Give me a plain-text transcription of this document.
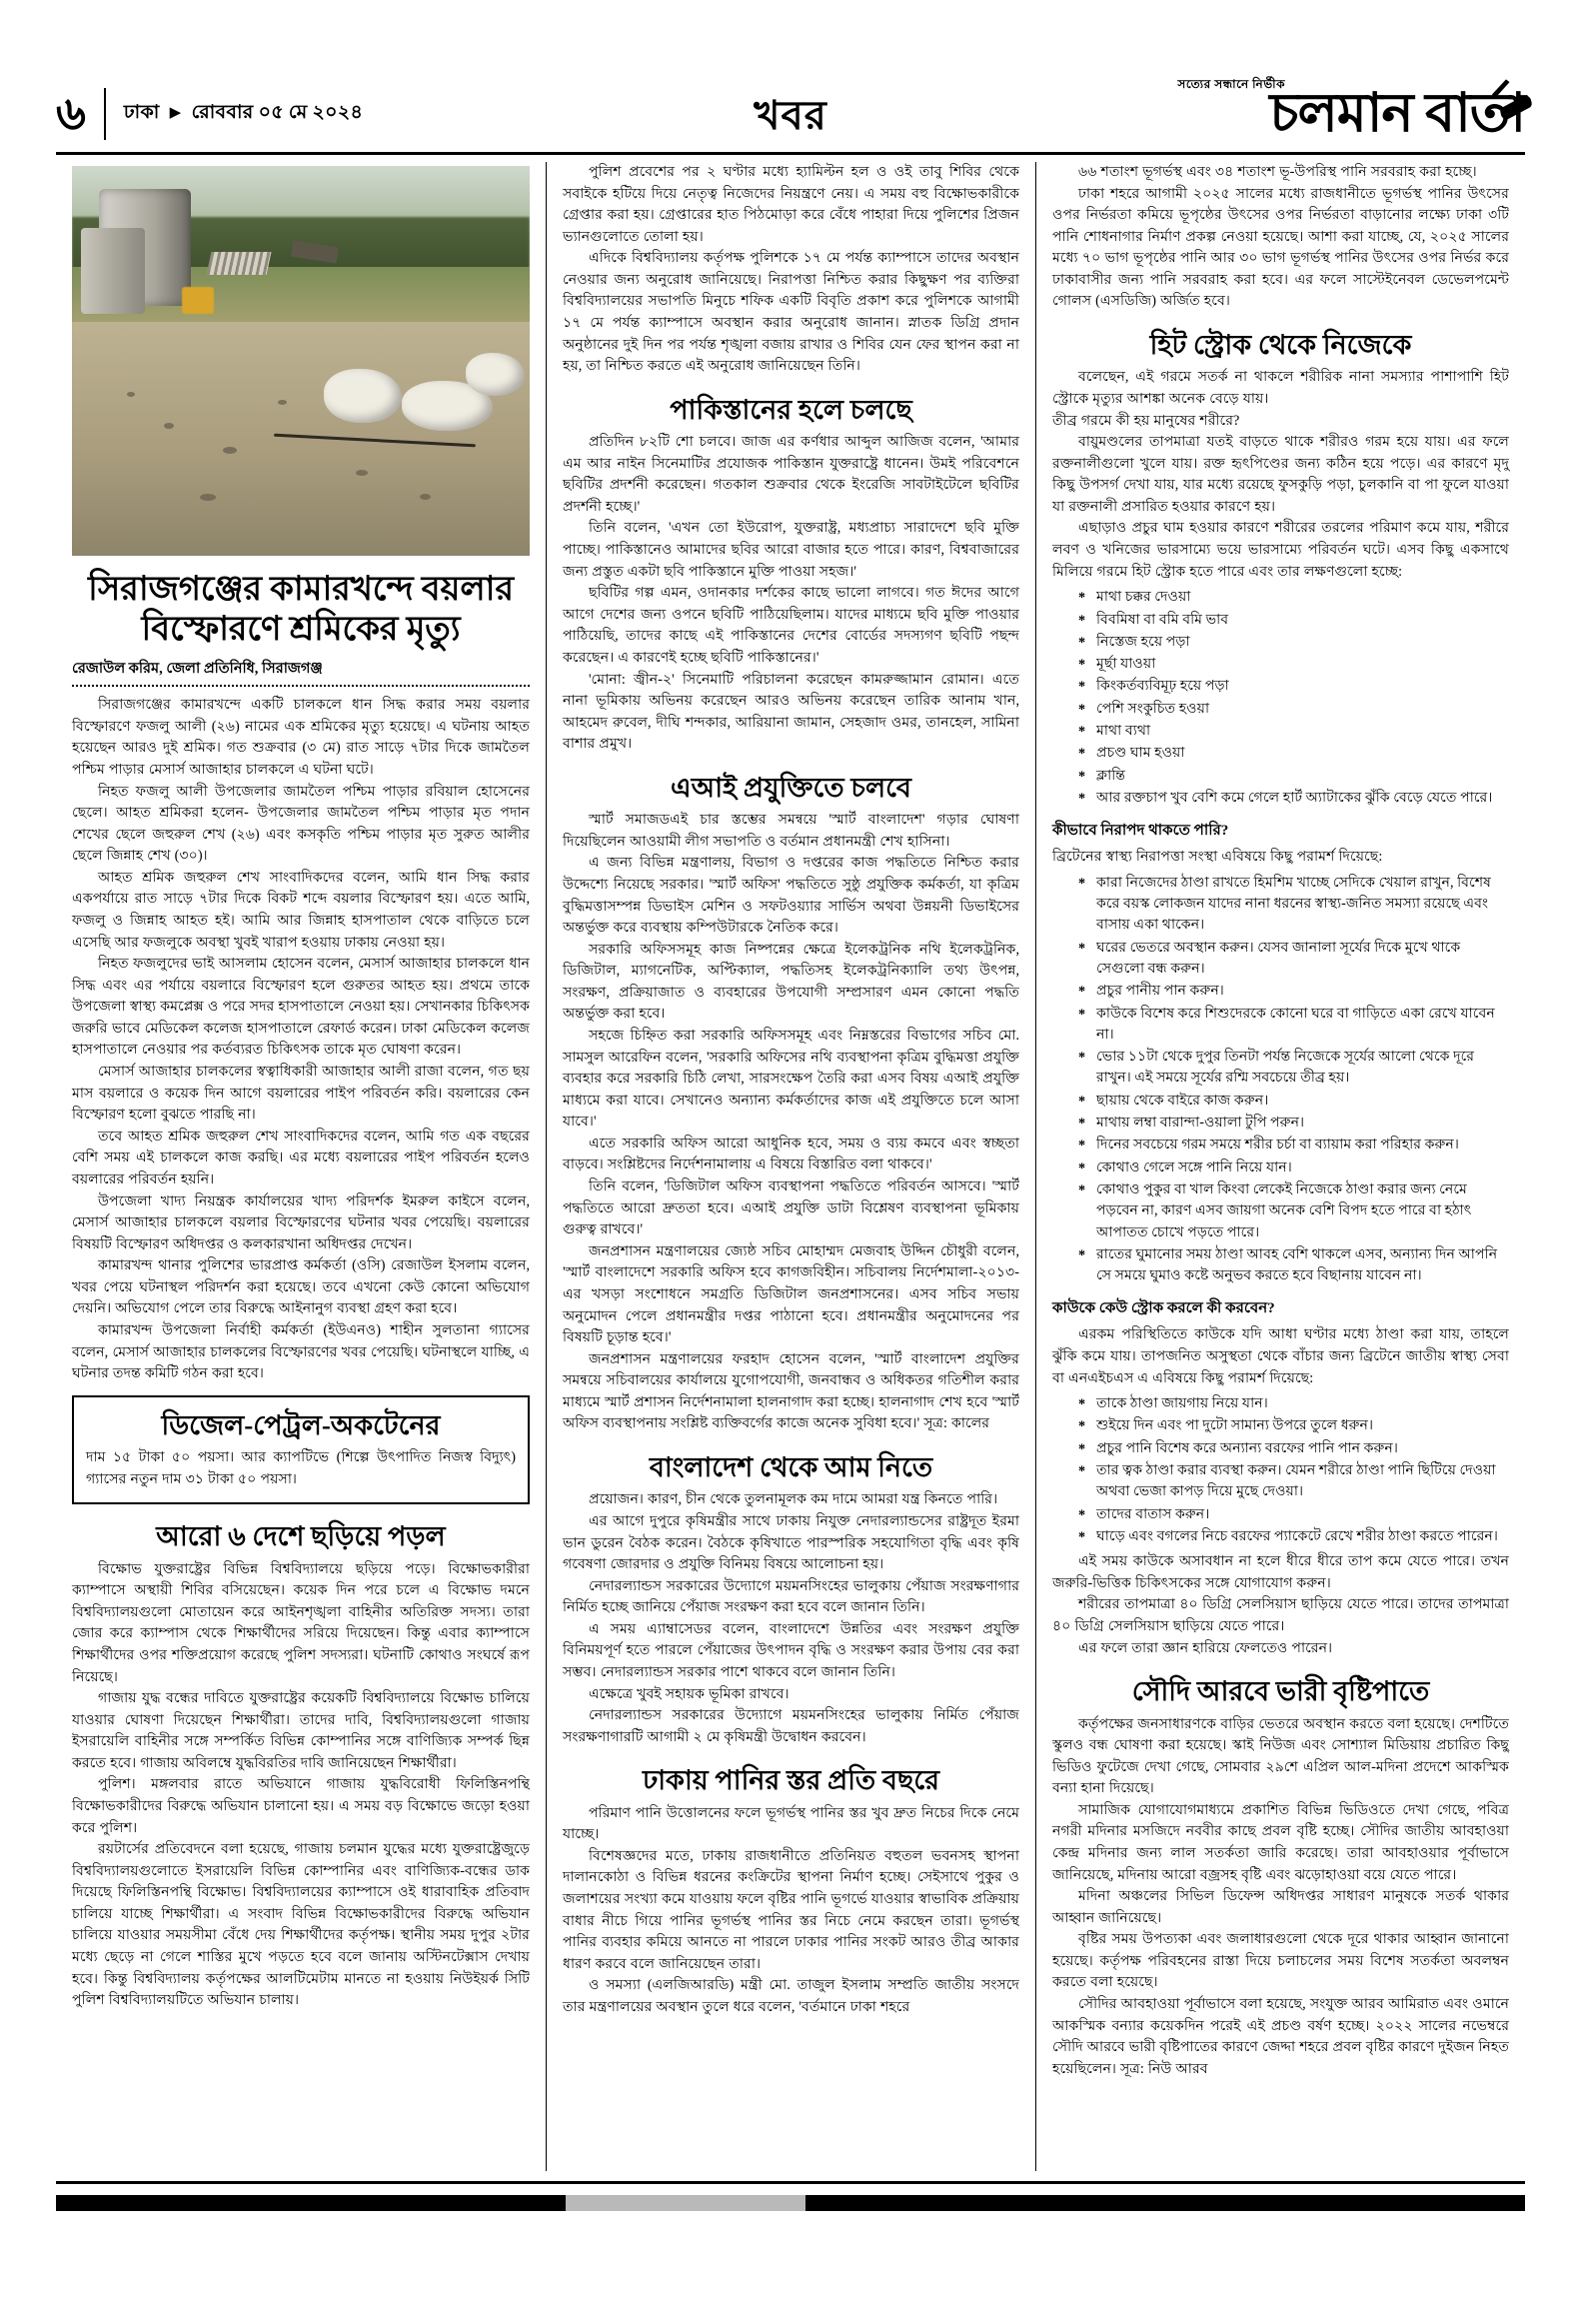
৬	ঢাকা ▶ রোববার ০৫ মে ২০২৪	খবর
সত্যের সন্ধানে নির্ভীক
চলমান বার্তা
সিরাজগঞ্জের কামারখন্দে বয়লার বিস্ফোরণে শ্রমিকের মৃত্যু
রেজাউল করিম, জেলা প্রতিনিধি, সিরাজগঞ্জ

সিরাজগঞ্জের কামারখন্দে একটি চালকলে ধান সিদ্ধ করার সময় বয়লার বিস্ফোরণে ফজলু আলী (২৬) নামের এক শ্রমিকের মৃত্যু হয়েছে। এ ঘটনায় আহত হয়েছেন আরও দুই শ্রমিক। গত শুক্রবার (৩ মে) রাত সাড়ে ৭টার দিকে জামতৈল পশ্চিম পাড়ার মেসার্স আজাহার চালকলে এ ঘটনা ঘটে।

নিহত ফজলু আলী উপজেলার জামতৈল পশ্চিম পাড়ার রবিয়াল হোসেনের ছেলে। আহত শ্রমিকরা হলেন- উপজেলার জামতৈল পশ্চিম পাড়ার মৃত পদান শেখের ছেলে জহুরুল শেখ (২৬) এবং কসকৃতি পশ্চিম পাড়ার মৃত সুরুত আলীর ছেলে জিন্নাহ শেখ (৩০)।

আহত শ্রমিক জহুরুল শেখ সাংবাদিকদের বলেন, আমি ধান সিদ্ধ করার একপর্যায়ে রাত সাড়ে ৭টার দিকে বিকট শব্দে বয়লার বিস্ফোরণ হয়। এতে আমি, ফজলু ও জিন্নাহ আহত হই। আমি আর জিন্নাহ হাসপাতাল থেকে বাড়িতে চলে এসেছি আর ফজলুকে অবস্থা খুবই খারাপ হওয়ায় ঢাকায় নেওয়া হয়।

নিহত ফজলুদের ভাই আসলাম হোসেন বলেন, মেসার্স আজাহার চালকলে ধান সিদ্ধ এবং এর পর্যায়ে বয়লারে বিস্ফোরণ হলে গুরুতর আহত হয়। প্রথমে তাকে উপজেলা স্বাস্থ্য কমপ্লেক্স ও পরে সদর হাসপাতালে নেওয়া হয়। সেখানকার চিকিৎসক জরুরি ভাবে মেডিকেল কলেজ হাসপাতালে রেফার্ড করেন। ঢাকা মেডিকেল কলেজ হাসপাতালে নেওয়ার পর কর্তব্যরত চিকিৎসক তাকে মৃত ঘোষণা করেন।

মেসার্স আজাহার চালকলের স্বত্বাধিকারী আজাহার আলী রাজা বলেন, গত ছয় মাস বয়লারে ও কয়েক দিন আগে বয়লারের পাইপ পরিবর্তন করি। বয়লারের কেন বিস্ফোরণ হলো বুঝতে পারছি না।

তবে আহত শ্রমিক জহুরুল শেখ সাংবাদিকদের বলেন, আমি গত এক বছরের বেশি সময় এই চালকলে কাজ করছি। এর মধ্যে বয়লারের পাইপ পরিবর্তন হলেও বয়লারের পরিবর্তন হয়নি।

উপজেলা খাদ্য নিয়ন্ত্রক কার্যালয়ের খাদ্য পরিদর্শক ইমরুল কাইসে বলেন, মেসার্স আজাহার চালকলে বয়লার বিস্ফোরণের ঘটনার খবর পেয়েছি। বয়লারের বিষয়টি বিস্ফোরণ অধিদপ্তর ও কলকারখানা অধিদপ্তর দেখেন।

কামারখন্দ থানার পুলিশের ভারপ্রাপ্ত কর্মকর্তা (ওসি) রেজাউল ইসলাম বলেন, খবর পেয়ে ঘটনাস্থল পরিদর্শন করা হয়েছে। তবে এখনো কেউ কোনো অভিযোগ দেয়নি। অভিযোগ পেলে তার বিরুদ্ধে আইনানুগ ব্যবস্থা গ্রহণ করা হবে।

কামারখন্দ উপজেলা নির্বাহী কর্মকর্তা (ইউএনও) শাহীন সুলতানা গ্যাসের বলেন, মেসার্স আজাহার চালকলের বিস্ফোরণের খবর পেয়েছি। ঘটনাস্থলে যাচ্ছি, এ ঘটনার তদন্ত কমিটি গঠন করা হবে।

ডিজেল-পেট্রল-অকটেনের

দাম ১৫ টাকা ৫০ পয়সা। আর ক্যাপটিভে (শিল্পে উৎপাদিত নিজস্ব বিদ্যুৎ) গ্যাসের নতুন দাম ৩১ টাকা ৫০ পয়সা।

আরো ৬ দেশে ছড়িয়ে পড়ল

বিক্ষোভ যুক্তরাষ্ট্রের বিভিন্ন বিশ্ববিদ্যালয়ে ছড়িয়ে পড়ে। বিক্ষোভকারীরা ক্যাম্পাসে অস্থায়ী শিবির বসিয়েছেন। কয়েক দিন পরে চলে এ বিক্ষোভ দমনে বিশ্ববিদ্যালয়গুলো মোতায়েন করে আইনশৃঙ্খলা বাহিনীর অতিরিক্ত সদস্য। তারা জোর করে ক্যাম্পাস থেকে শিক্ষার্থীদের সরিয়ে দিয়েছেন। কিন্তু এবার ক্যাম্পাসে শিক্ষার্থীদের ওপর শক্তিপ্রয়োগ করেছে পুলিশ সদস্যরা। ঘটনাটি কোথাও সংঘর্ষে রূপ নিয়েছে।

গাজায় যুদ্ধ বন্ধের দাবিতে যুক্তরাষ্ট্রের কয়েকটি বিশ্ববিদ্যালয়ে বিক্ষোভ চালিয়ে যাওয়ার ঘোষণা দিয়েছেন শিক্ষার্থীরা। তাদের দাবি, বিশ্ববিদ্যালয়গুলো গাজায় ইসরায়েলি বাহিনীর সঙ্গে সম্পর্কিত বিভিন্ন কোম্পানির সঙ্গে বাণিজ্যিক সম্পর্ক ছিন্ন করতে হবে। গাজায় অবিলম্বে যুদ্ধবিরতির দাবি জানিয়েছেন শিক্ষার্থীরা।

পুলিশ। মঙ্গলবার রাতে অভিযানে গাজায় যুদ্ধবিরোধী ফিলিস্তিনপন্থি বিক্ষোভকারীদের বিরুদ্ধে অভিযান চালানো হয়। এ সময় বড় বিক্ষোভে জড়ো হওয়া করে পুলিশ।

রয়টার্সের প্রতিবেদনে বলা হয়েছে, গাজায় চলমান যুদ্ধের মধ্যে যুক্তরাষ্ট্রেজুড়ে বিশ্ববিদ্যালয়গুলোতে ইসরায়েলি বিভিন্ন কোম্পানির এবং বাণিজ্যিক-বন্ধের ডাক দিয়েছে ফিলিস্তিনপন্থি বিক্ষোভ। বিশ্ববিদ্যালয়ের ক্যাম্পাসে ওই ধারাবাহিক প্রতিবাদ চালিয়ে যাচ্ছে শিক্ষার্থীরা। এ সংবাদ বিভিন্ন বিক্ষোভকারীদের বিরুদ্ধে অভিযান চালিয়ে যাওয়ার সময়সীমা বেঁধে দেয় শিক্ষার্থীদের কর্তৃপক্ষ। স্থানীয় সময় দুপুর ২টার মধ্যে ছেড়ে না গেলে শাস্তির মুখে পড়তে হবে বলে জানায় অস্টিনটেক্সাস দেখায় হবে। কিন্তু বিশ্ববিদ্যালয় কর্তৃপক্ষের আলটিমেটাম মানতে না হওয়ায় নিউইয়র্ক সিটি পুলিশ বিশ্ববিদ্যালয়টিতে অভিযান চালায়।

পুলিশ প্রবেশের পর ২ ঘণ্টার মধ্যে হ্যামিল্টন হল ও ওই তাবু শিবির থেকে সবাইকে হটিয়ে দিয়ে নেতৃত্ব নিজেদের নিয়ন্ত্রণে নেয়। এ সময় বহু বিক্ষোভকারীকে গ্রেপ্তার করা হয়। গ্রেপ্তারের হাত পিঠমোড়া করে বেঁধে পাহারা দিয়ে পুলিশের প্রিজন ভ্যানগুলোতে তোলা হয়।

এদিকে বিশ্ববিদ্যালয় কর্তৃপক্ষ পুলিশকে ১৭ মে পর্যন্ত ক্যাম্পাসে তাদের অবস্থান নেওয়ার জন্য অনুরোধ জানিয়েছে। নিরাপত্তা নিশ্চিত করার কিছুক্ষণ পর ব্যক্তিরা বিশ্ববিদ্যালয়ের সভাপতি মিনুচে শফিক একটি বিবৃতি প্রকাশ করে পুলিশকে আগামী ১৭ মে পর্যন্ত ক্যাম্পাসে অবস্থান করার অনুরোধ জানান। স্নাতক ডিগ্রি প্রদান অনুষ্ঠানের দুই দিন পর পর্যন্ত শৃঙ্খলা বজায় রাখার ও শিবির যেন ফের স্থাপন করা না হয়, তা নিশ্চিত করতে এই অনুরোধ জানিয়েছেন তিনি।

পাকিস্তানের হলে চলছে

প্রতিদিন ৮২টি শো চলবে। জাজ এর কর্ণধার আব্দুল আজিজ বলেন, 'আমার এম আর নাইন সিনেমাটির প্রযোজক পাকিস্তান যুক্তরাষ্ট্রে ধানেন। উমই পরিবেশনে ছবিটির প্রদর্শনী করেছেন। গতকাল শুক্রবার থেকে ইংরেজি সাবটাইটেলে ছবিটির প্রদর্শনী হচ্ছে।'

তিনি বলেন, 'এখন তো ইউরোপ, যুক্তরাষ্ট্র, মধ্যপ্রাচ্য সারাদেশে ছবি মুক্তি পাচ্ছে। পাকিস্তানেও আমাদের ছবির আরো বাজার হতে পারে। কারণ, বিশ্ববাজারের জন্য প্রস্তুত একটা ছবি পাকিস্তানে মুক্তি পাওয়া সহজ।'

ছবিটির গল্প এমন, ওদানকার দর্শকের কাছে ভালো লাগবে। গত ঈদের আগে আগে দেশের জন্য ওপনে ছবিটি পাঠিয়েছিলাম। যাদের মাধ্যমে ছবি মুক্তি পাওয়ার পাঠিয়েছি, তাদের কাছে এই পাকিস্তানের দেশের বোর্ডের সদস্যগণ ছবিটি পছন্দ করেছেন। এ কারণেই হচ্ছে ছবিটি পাকিস্তানের।'

'মোনা: জ্বীন-২' সিনেমাটি পরিচালনা করেছেন কামরুজ্জামান রোমান। এতে নানা ভূমিকায় অভিনয় করেছেন আরও অভিনয় করেছেন তারিক আনাম খান, আহমেদ রুবেল, দীঘি শন্দকার, আরিয়ানা জামান, সেহজাদ ওমর, তানহেল, সামিনা বাশার প্রমুখ।

এআই প্রযুক্তিতে চলবে

স্মার্ট সমাজডএই চার স্তম্ভের সমন্বয়ে 'স্মার্ট বাংলাদেশ' গড়ার ঘোষণা দিয়েছিলেন আওয়ামী লীগ সভাপতি ও বর্তমান প্রধানমন্ত্রী শেখ হাসিনা।

এ জন্য বিভিন্ন মন্ত্রণালয়, বিভাগ ও দপ্তরের কাজ পদ্ধতিতে নিশ্চিত করার উদ্দেশ্যে নিয়েছে সরকার। 'স্মার্ট অফিস' পদ্ধতিতে সুষ্ঠু প্রযুক্তিক কর্মকর্তা, যা কৃত্রিম বুদ্ধিমত্তাসম্পন্ন ডিভাইস মেশিন ও সফটওয়্যার সার্ভিস অথবা উন্নয়নী ডিভাইসের অন্তর্ভুক্ত করে ব্যবস্থায় কম্পিউটারকে নৈতিক করে।

সরকারি অফিসসমূহ কাজ নিষ্পন্নের ক্ষেত্রে ইলেকট্রনিক নথি ইলেকট্রনিক, ডিজিটাল, ম্যাগনেটিক, অপ্টিক্যাল, পদ্ধতিসহ ইলেকট্রনিক্যালি তথ্য উৎপন্ন, সংরক্ষণ, প্রক্রিয়াজাত ও ব্যবহারের উপযোগী সম্প্রসারণ এমন কোনো পদ্ধতি অন্তর্ভুক্ত করা হবে।

সহজে চিহ্নিত করা সরকারি অফিসসমূহ এবং নিম্নস্তরের বিভাগের সচিব মো. সামসুল আরেফিন বলেন, 'সরকারি অফিসের নথি ব্যবস্থাপনা কৃত্রিম বুদ্ধিমত্তা প্রযুক্তি ব্যবহার করে সরকারি চিঠি লেখা, সারসংক্ষেপ তৈরি করা এসব বিষয় এআই প্রযুক্তি মাধ্যমে করা যাবে। সেখানেও অন্যান্য কর্মকর্তাদের কাজ এই প্রযুক্তিতে চলে আসা যাবে।'

এতে সরকারি অফিস আরো আধুনিক হবে, সময় ও ব্যয় কমবে এবং স্বচ্ছতা বাড়বে। সংশ্লিষ্টদের নির্দেশনামালায় এ বিষয়ে বিস্তারিত বলা থাকবে।'

তিনি বলেন, 'ডিজিটাল অফিস ব্যবস্থাপনা পদ্ধতিতে পরিবর্তন আসবে। 'স্মার্ট পদ্ধতিতে আরো দ্রুততা হবে। এআই প্রযুক্তি ডাটা বিশ্লেষণ ব্যবস্থাপনা ভূমিকায় গুরুত্ব রাখবে।'

জনপ্রশাসন মন্ত্রণালয়ের জ্যেষ্ঠ সচিব মোহাম্মদ মেজবাহ উদ্দিন চৌধুরী বলেন, 'স্মার্ট বাংলাদেশে সরকারি অফিস হবে কাগজবিহীন। সচিবালয় নির্দেশমালা-২০১৩-এর খসড়া সংশোধনে সমগ্রতি ডিজিটাল জনপ্রশাসনের। এসব সচিব সভায় অনুমোদন পেলে প্রধানমন্ত্রীর দপ্তর পাঠানো হবে। প্রধানমন্ত্রীর অনুমোদনের পর বিষয়টি চূড়ান্ত হবে।'

জনপ্রশাসন মন্ত্রণালয়ের ফরহাদ হোসেন বলেন, 'স্মার্ট বাংলাদেশ প্রযুক্তির সমন্বয়ে সচিবালয়ের কার্যালয়ে যুগোপযোগী, জনবান্ধব ও অধিকতর গতিশীল করার মাধ্যমে স্মার্ট প্রশাসন নির্দেশনামালা হালনাগাদ করা হচ্ছে। হালনাগাদ শেখ হবে 'স্মার্ট অফিস ব্যবস্থাপনায় সংশ্লিষ্ট ব্যক্তিবর্গের কাজে অনেক সুবিধা হবে।' সূত্র: কালের

বাংলাদেশ থেকে আম নিতে

প্রয়োজন। কারণ, চীন থেকে তুলনামূলক কম দামে আমরা যন্ত্র কিনতে পারি।

এর আগে দুপুরে কৃষিমন্ত্রীর সাথে ঢাকায় নিযুক্ত নেদারল্যান্ডসের রাষ্ট্রদূত ইরমা ভান ডুরেন বৈঠক করেন। বৈঠকে কৃষিখাতে পারস্পরিক সহযোগিতা বৃদ্ধি এবং কৃষি গবেষণা জোরদার ও প্রযুক্তি বিনিময় বিষয়ে আলোচনা হয়।

নেদারল্যান্ডস সরকারের উদ্যোগে ময়মনসিংহের ভালুকায় পেঁয়াজ সংরক্ষণাগার নির্মিত হচ্ছে জানিয়ে পেঁয়াজ সংরক্ষণ করা হবে বলে জানান তিনি।

এ সময় এ্যাম্বাসেডর বলেন, বাংলাদেশে উন্নতির এবং সংরক্ষণ প্রযুক্তি বিনিময়পূর্ণ হতে পারলে পেঁয়াজের উৎপাদন বৃদ্ধি ও সংরক্ষণ করার উপায় বের করা সম্ভব। নেদারল্যান্ডস সরকার পাশে থাকবে বলে জানান তিনি।

এক্ষেত্রে খুবই সহায়ক ভূমিকা রাখবে।

নেদারল্যান্ডস সরকারের উদ্যোগে ময়মনসিংহের ভালুকায় নির্মিত পেঁয়াজ সংরক্ষণাগারটি আগামী ২ মে কৃষিমন্ত্রী উদ্বোধন করবেন।

ঢাকায় পানির স্তর প্রতি বছরে

পরিমাণ পানি উত্তোলনের ফলে ভূগর্ভস্থ পানির স্তর খুব দ্রুত নিচের দিকে নেমে যাচ্ছে।

বিশেষজ্ঞদের মতে, ঢাকায় রাজধানীতে প্রতিনিয়ত বহুতল ভবনসহ স্থাপনা দালানকোঠা ও বিভিন্ন ধরনের কংক্রিটের স্থাপনা নির্মাণ হচ্ছে। সেইসাথে পুকুর ও জলাশয়ের সংখ্যা কমে যাওয়ায় ফলে বৃষ্টির পানি ভূগর্ভে যাওয়ার স্বাভাবিক প্রক্রিয়ায় বাধার নীচে গিয়ে পানির ভূগর্ভস্থ পানির স্তর নিচে নেমে করছেন তারা। ভূগর্ভস্থ পানির ব্যবহার কমিয়ে আনতে না পারলে ঢাকার পানির সংকট আরও তীব্র আকার ধারণ করবে বলে জানিয়েছেন তারা।

ও সমস্যা (এলজিআরডি) মন্ত্রী মো. তাজুল ইসলাম সম্প্রতি জাতীয় সংসদে তার মন্ত্রণালয়ের অবস্থান তুলে ধরে বলেন, 'বর্তমানে ঢাকা শহরে

৬৬ শতাংশ ভূগর্ভস্থ এবং ৩৪ শতাংশ ভূ-উপরিস্থ পানি সরবরাহ করা হচ্ছে।

ঢাকা শহরে আগামী ২০২৫ সালের মধ্যে রাজধানীতে ভূগর্ভস্থ পানির উৎসের ওপর নির্ভরতা কমিয়ে ভূপৃষ্ঠের উৎসের ওপর নির্ভরতা বাড়ানোর লক্ষ্যে ঢাকা ৩টি পানি শোধনাগার নির্মাণ প্রকল্প নেওয়া হয়েছে। আশা করা যাচ্ছে, যে, ২০২৫ সালের মধ্যে ৭০ ভাগ ভূপৃষ্ঠের পানি আর ৩০ ভাগ ভূগর্ভস্থ পানির উৎসের ওপর নির্ভর করে ঢাকাবাসীর জন্য পানি সরবরাহ করা হবে। এর ফলে সাস্টেইনেবল ডেভেলপমেন্ট গোলস (এসডিজি) অর্জিত হবে।

হিট স্ট্রোক থেকে নিজেকে

বলেছেন, এই গরমে সতর্ক না থাকলে শরীরিক নানা সমস্যার পাশাপাশি হিট স্ট্রোকে মৃত্যুর আশঙ্কা অনেক বেড়ে যায়।

তীব্র গরমে কী হয় মানুষের শরীরে?

বায়ুমণ্ডলের তাপমাত্রা যতই বাড়তে থাকে শরীরও গরম হয়ে যায়। এর ফলে রক্তনালীগুলো খুলে যায়। রক্ত হৃৎপিণ্ডের জন্য কঠিন হয়ে পড়ে। এর কারণে মৃদু কিছু উপসর্গ দেখা যায়, যার মধ্যে রয়েছে ফুসকুড়ি পড়া, চুলকানি বা পা ফুলে যাওয়া যা রক্তনালী প্রসারিত হওয়ার কারণে হয়।

এছাড়াও প্রচুর ঘাম হওয়ার কারণে শরীরের তরলের পরিমাণ কমে যায়, শরীরে লবণ ও খনিজের ভারসাম্যে ভয়ে ভারসাম্যে পরিবর্তন ঘটে। এসব কিছু একসাথে মিলিয়ে গরমে হিট স্ট্রোক হতে পারে এবং তার লক্ষণগুলো হচ্ছে:

* মাথা চক্কর দেওয়া
* বিবমিষা বা বমি বমি ভাব
* নিস্তেজ হয়ে পড়া
* মূর্ছা যাওয়া
* কিংকর্তব্যবিমূঢ় হয়ে পড়া
* পেশি সংকুচিত হওয়া
* মাথা ব্যথা
* প্রচণ্ড ঘাম হওয়া
* ক্লান্তি
* আর রক্তচাপ খুব বেশি কমে গেলে হার্ট অ্যাটাকের ঝুঁকি বেড়ে যেতে পারে।
কীভাবে নিরাপদ থাকতে পারি?

ব্রিটেনের স্বাস্থ্য নিরাপত্তা সংস্থা এবিষয়ে কিছু পরামর্শ দিয়েছে:

* কারা নিজেদের ঠাণ্ডা রাখতে হিমশিম খাচ্ছে সেদিকে খেয়াল রাখুন, বিশেষ করে বয়স্ক লোকজন যাদের নানা ধরনের স্বাস্থ্য-জনিত সমস্যা রয়েছে এবং বাসায় একা থাকেন।
* ঘরের ভেতরে অবস্থান করুন। যেসব জানালা সূর্যের দিকে মুখে থাকে সেগুলো বন্ধ করুন।
* প্রচুর পানীয় পান করুন।
* কাউকে বিশেষ করে শিশুদেরকে কোনো ঘরে বা গাড়িতে একা রেখে যাবেন না।
* ভোর ১১টা থেকে দুপুর তিনটা পর্যন্ত নিজেকে সূর্যের আলো থেকে দূরে রাখুন। এই সময়ে সূর্যের রশ্মি সবচেয়ে তীব্র হয়।
* ছায়ায় থেকে বাইরে কাজ করুন।
* মাথায় লম্বা বারান্দা-ওয়ালা টুপি পরুন।
* দিনের সবচেয়ে গরম সময়ে শরীর চর্চা বা ব্যায়াম করা পরিহার করুন।
* কোথাও গেলে সঙ্গে পানি নিয়ে যান।
* কোথাও পুকুর বা খাল কিংবা লেকেই নিজেকে ঠাণ্ডা করার জন্য নেমে পড়বেন না, কারণ এসব জায়গা অনেক বেশি বিপদ হতে পারে বা হঠাৎ আপাতত চোখে পড়তে পারে।
* রাতের ঘুমানোর সময় ঠাণ্ডা আবহ বেশি থাকলে এসব, অন্যান্য দিন আপনি সে সময়ে ঘুমাও কষ্টে অনুভব করতে হবে বিছানায় যাবেন না।
কাউকে কেউ স্ট্রোক করলে কী করবেন?

এরকম পরিস্থিতিতে কাউকে যদি আধা ঘণ্টার মধ্যে ঠাণ্ডা করা যায়, তাহলে ঝুঁকি কমে যায়। তাপজনিত অসুস্থতা থেকে বাঁচার জন্য ব্রিটেনে জাতীয় স্বাস্থ্য সেবা বা এনএইচএস এ এবিষয়ে কিছু পরামর্শ দিয়েছে:

* তাকে ঠাণ্ডা জায়গায় নিয়ে যান।
* শুইয়ে দিন এবং পা দুটো সামান্য উপরে তুলে ধরুন।
* প্রচুর পানি বিশেষ করে অন্যান্য বরফের পানি পান করুন।
* তার ত্বক ঠাণ্ডা করার ব্যবস্থা করুন। যেমন শরীরে ঠাণ্ডা পানি ছিটিয়ে দেওয়া অথবা ভেজা কাপড় দিয়ে মুছে দেওয়া।
* তাদের বাতাস করুন।
* ঘাড়ে এবং বগলের নিচে বরফের প্যাকেটে রেখে শরীর ঠাণ্ডা করতে পারেন।

এই সময় কাউকে অসাবধান না হলে ধীরে ধীরে তাপ কমে যেতে পারে। তখন জরুরি-ভিত্তিক চিকিৎসকের সঙ্গে যোগাযোগ করুন।

শরীরের তাপমাত্রা ৪০ ডিগ্রি সেলসিয়াস ছাড়িয়ে যেতে পারে। তাদের তাপমাত্রা ৪০ ডিগ্রি সেলসিয়াস ছাড়িয়ে যেতে পারে।

এর ফলে তারা জ্ঞান হারিয়ে ফেলতেও পারেন।

সৌদি আরবে ভারী বৃষ্টিপাতে

কর্তৃপক্ষের জনসাধারণকে বাড়ির ভেতরে অবস্থান করতে বলা হয়েছে। দেশটিতে স্কুলও বন্ধ ঘোষণা করা হয়েছে। স্কাই নিউজ এবং সোশ্যাল মিডিয়ায় প্রচারিত কিছু ভিডিও ফুটেজে দেখা গেছে, সোমবার ২৯শে এপ্রিল আল-মদিনা প্রদেশে আকস্মিক বন্যা হানা দিয়েছে।

সামাজিক যোগাযোগমাধ্যমে প্রকাশিত বিভিন্ন ভিডিওতে দেখা গেছে, পবিত্র নগরী মদিনার মসজিদে নববীর কাছে প্রবল বৃষ্টি হচ্ছে। সৌদির জাতীয় আবহাওয়া কেন্দ্র মদিনার জন্য লাল সতর্কতা জারি করেছে। তারা আবহাওয়ার পূর্বাভাসে জানিয়েছে, মদিনায় আরো বজ্রসহ বৃষ্টি এবং ঝড়োহাওয়া বয়ে যেতে পারে।

মদিনা অঞ্চলের সিভিল ডিফেন্স অধিদপ্তর সাধারণ মানুষকে সতর্ক থাকার আহ্বান জানিয়েছে।

বৃষ্টির সময় উপত্যকা এবং জলাধারগুলো থেকে দূরে থাকার আহ্বান জানানো হয়েছে। কর্তৃপক্ষ পরিবহনের রাস্তা দিয়ে চলাচলের সময় বিশেষ সতর্কতা অবলম্বন করতে বলা হয়েছে।

সৌদির আবহাওয়া পূর্বাভাসে বলা হয়েছে, সংযুক্ত আরব আমিরাত এবং ওমানে আকস্মিক বন্যার কয়েকদিন পরেই এই প্রচণ্ড বর্ষণ হচ্ছে। ২০২২ সালের নভেম্বরে সৌদি আরবে ভারী বৃষ্টিপাতের কারণে জেদ্দা শহরে প্রবল বৃষ্টির কারণে দুইজন নিহত হয়েছিলেন। সূত্র: নিউ আরব
